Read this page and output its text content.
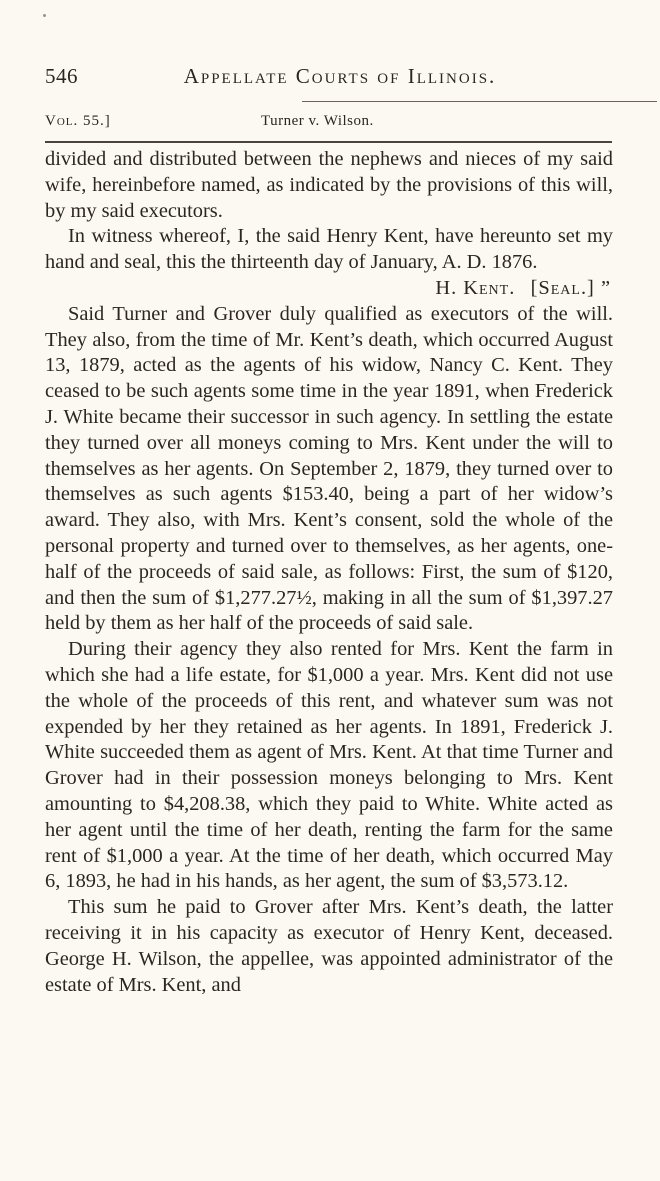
546	Appellate Courts of Illinois.
Vol. 55.]	Turner v. Wilson.

divided and distributed between the nephews and nieces of my said wife, hereinbefore named, as indicated by the provisions of this will, by my said executors.

In witness whereof, I, the said Henry Kent, have hereunto set my hand and seal, this the thirteenth day of January, A. D. 1876.

H. Kent. [Seal.] ”

Said Turner and Grover duly qualified as executors of the will. They also, from the time of Mr. Kent’s death, which occurred August 13, 1879, acted as the agents of his widow, Nancy C. Kent. They ceased to be such agents some time in the year 1891, when Frederick J. White became their successor in such agency. In settling the estate they turned over all moneys coming to Mrs. Kent under the will to themselves as her agents. On September 2, 1879, they turned over to themselves as such agents $153.40, being a part of her widow’s award. They also, with Mrs. Kent’s consent, sold the whole of the personal property and turned over to themselves, as her agents, one-half of the proceeds of said sale, as follows: First, the sum of $120, and then the sum of $1,277.27½, making in all the sum of $1,397.27 held by them as her half of the proceeds of said sale.

During their agency they also rented for Mrs. Kent the farm in which she had a life estate, for $1,000 a year. Mrs. Kent did not use the whole of the proceeds of this rent, and whatever sum was not expended by her they retained as her agents. In 1891, Frederick J. White succeeded them as agent of Mrs. Kent. At that time Turner and Grover had in their possession moneys belonging to Mrs. Kent amounting to $4,208.38, which they paid to White. White acted as her agent until the time of her death, renting the farm for the same rent of $1,000 a year. At the time of her death, which occurred May 6, 1893, he had in his hands, as her agent, the sum of $3,573.12.

This sum he paid to Grover after Mrs. Kent’s death, the latter receiving it in his capacity as executor of Henry Kent, deceased. George H. Wilson, the appellee, was appointed administrator of the estate of Mrs. Kent, and
